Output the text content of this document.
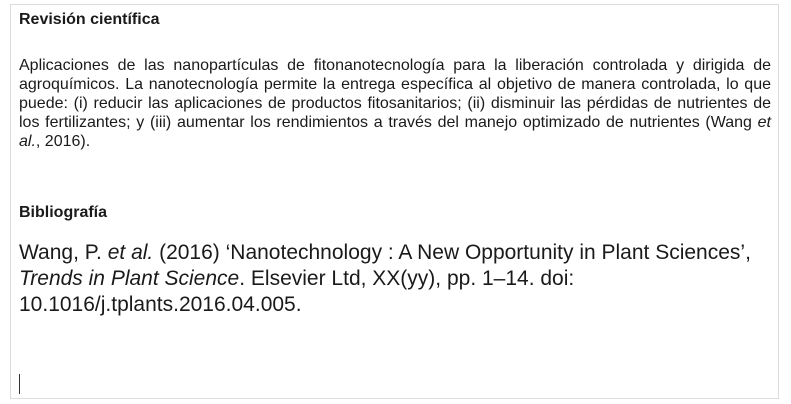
Revisión científica

Aplicaciones de las nanopartículas de fitonanotecnología para la liberación controlada y dirigida de agroquímicos. La nanotecnología permite la entrega específica al objetivo de manera controlada, lo que puede: (i) reducir las aplicaciones de productos fitosanitarios; (ii) disminuir las pérdidas de nutrientes de los fertilizantes; y (iii) aumentar los rendimientos a través del manejo optimizado de nutrientes (Wang et al., 2016).

Bibliografía

Wang, P. et al. (2016) ‘Nanotechnology : A New Opportunity in Plant Sciences’, Trends in Plant Science. Elsevier Ltd, XX(yy), pp. 1–14. doi: 10.1016/j.tplants.2016.04.005.
